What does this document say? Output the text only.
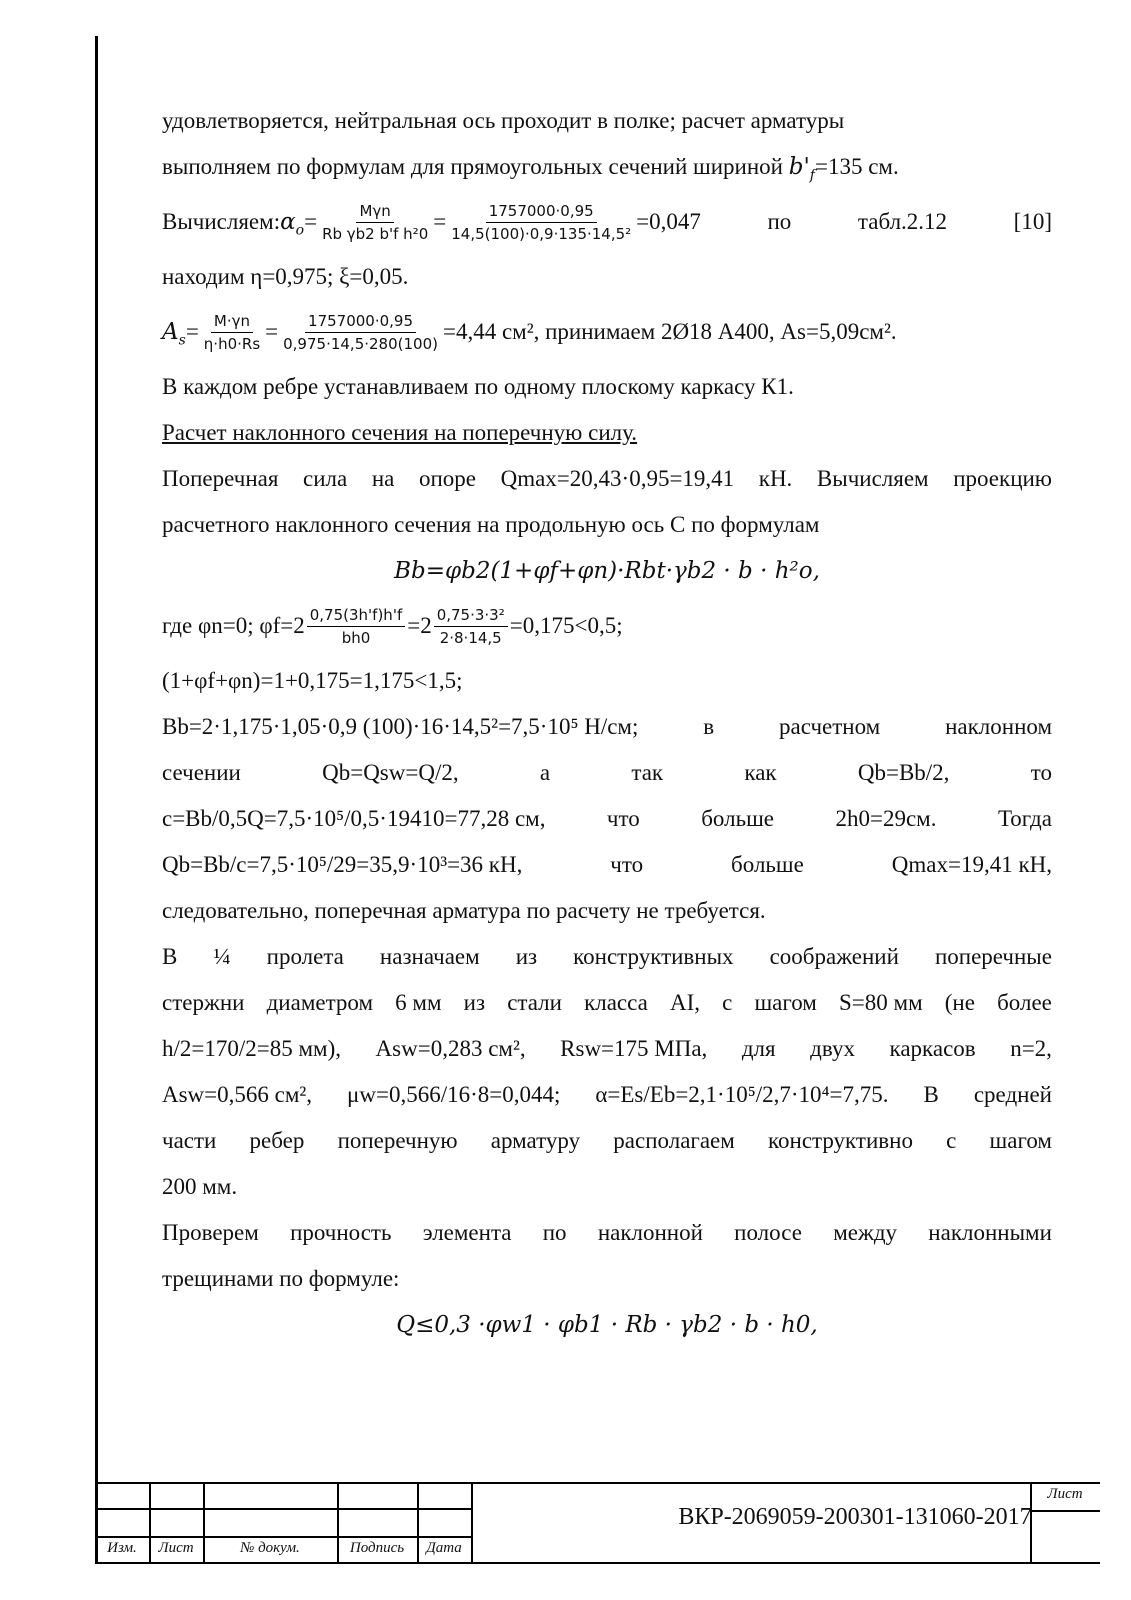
удовлетворяется, нейтральная ось проходит в полке; расчет арматуры
выполняем по формулам для прямоугольных сечений шириной $b'_f=135$ см.
Вычисляем: $\alpha_o = \frac{\text{Mγn}}{\text{Rb γb2 b'f h²0}} = \frac{1757000\cdot 0,95}{\text{14,5(100)·0,9·135·14,5²}} =0,047$	по	табл.2.12	[10]
находим η=0,975; ξ=0,05.
$A_s = \frac{M\cdot\gamma n}{\eta\cdot h0\cdot Rs} = \frac{1757000\cdot 0,95}{0,975\cdot 14,5\cdot 280(100)} =4,44$ см², принимаем 2Ø18 А400, As=5,09см².
В каждом ребре устанавливаем по одному плоскому каркасу К1.
Расчет наклонного сечения на поперечную силу.
Поперечная сила на опоре Qmax=20,43·0,95=19,41 кН. Вычисляем проекцию
расчетного наклонного сечения на продольную ось С по формулам
Bb=φb2(1+φf+φn)·Rbt·γb2 · b · h²o,
где φn=0; $\varphi f=2 \frac{0,75(3h'f)h'f}{bh0} =2 \frac{\text{0,75·3·3²}}{2\cdot 8\cdot 14,5} =0,175<0,5$;
(1+φf+φn)=1+0,175=1,175<1,5;
Bb=2·1,175·1,05·0,9 (100)·16·14,5²=7,5·10⁵ Н/см;	в	расчетном	наклонном
сечении	Qb=Qsw=Q/2,	а	так	как	Qb=Bb/2,	то
c=Bb/0,5Q=7,5·10⁵/0,5·19410=77,28 см,	что	больше	2h0=29см.	Тогда
Qb=Bb/c=7,5·10⁵/29=35,9·10³=36 кН,	что	больше	Qmax=19,41 кН,
следовательно, поперечная арматура по расчету не требуется.
В ¼ пролета назначаем из конструктивных соображений поперечные
стержни диаметром 6 мм из стали класса AI, с шагом S=80 мм (не более
h/2=170/2=85 мм), Asw=0,283 см², Rsw=175 МПа, для двух каркасов n=2,
Asw=0,566 см², μw=0,566/16·8=0,044; α=Es/Eb=2,1·10⁵/2,7·10⁴=7,75. В средней
части ребер поперечную арматуру располагаем конструктивно с шагом
200 мм.
Проверем прочность элемента по наклонной полосе между наклонными
трещинами по формуле:
Q≤0,3 ·φw1 · φb1 · Rb · γb2 · b · h0,
Изм.	Лист	№ докум.	Подпись	Дата
ВКР-2069059-200301-131060-2017
Лист
